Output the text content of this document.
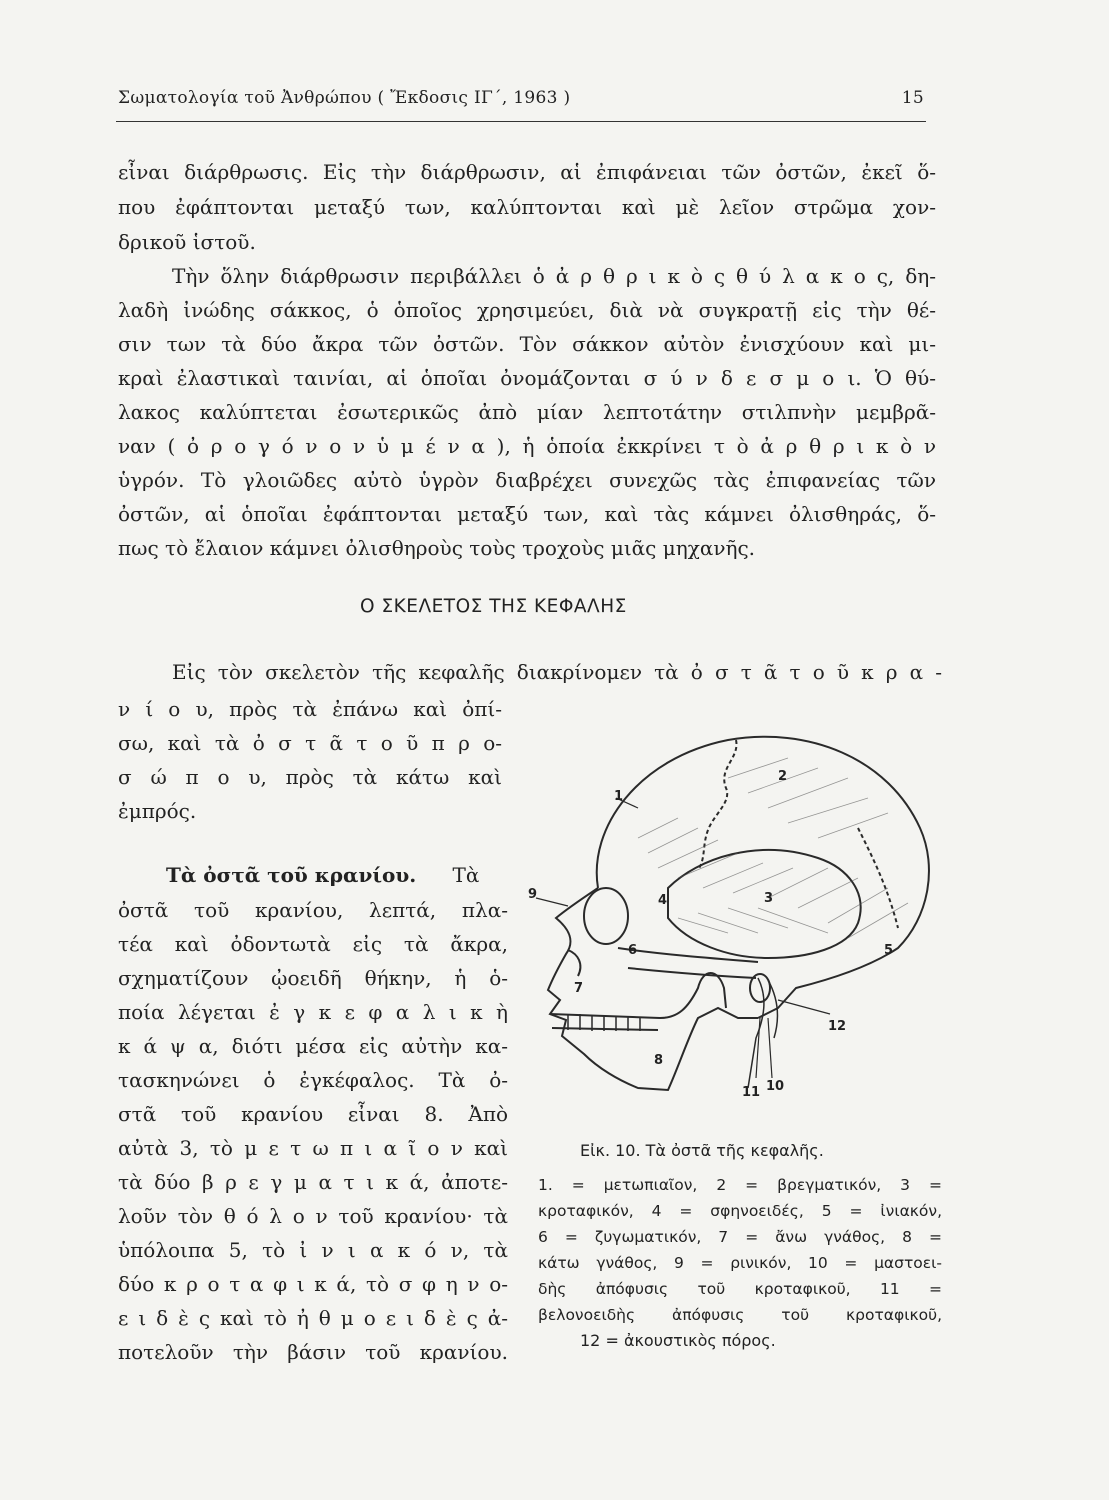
Σωματολογία τοῦ Ἀνθρώπου ( Ἔκδοσις ΙΓ΄, 1963 )	15
εἶναι διάρθρωσις. Εἰς τὴν διάρθρωσιν, αἱ ἐπιφάνειαι τῶν ὀστῶν, ἐκεῖ ὅ-
που ἐφάπτονται μεταξύ των, καλύπτονται καὶ μὲ λεῖον στρῶμα χον-
δρικοῦ ἱστοῦ.
Τὴν ὅλην διάρθρωσιν περιβάλλει ὁ ἀ ρ θ ρ ι κ ὸ ς θ ύ λ α κ ο ς, δη-
λαδὴ ἰνώδης σάκκος, ὁ ὁποῖος χρησιμεύει, διὰ νὰ συγκρατῇ εἰς τὴν θέ-
σιν των τὰ δύο ἄκρα τῶν ὀστῶν. Τὸν σάκκον αὐτὸν ἐνισχύουν καὶ μι-
κραὶ ἐλαστικαὶ ταινίαι, αἱ ὁποῖαι ὀνομάζονται σ ύ ν δ ε σ μ ο ι. Ὁ θύ-
λακος καλύπτεται ἐσωτερικῶς ἀπὸ μίαν λεπτοτάτην στιλπνὴν μεμβρᾶ-
ναν ( ὀ ρ ο γ ό ν ο ν ὑ μ έ ν α ), ἡ ὁποία ἐκκρίνει τ ὸ ἀ ρ θ ρ ι κ ὸ ν
ὑγρόν. Τὸ γλοιῶδες αὐτὸ ὑγρὸν διαβρέχει συνεχῶς τὰς ἐπιφανείας τῶν
ὀστῶν, αἱ ὁποῖαι ἐφάπτονται μεταξύ των, καὶ τὰς κάμνει ὀλισθηράς, ὅ-
πως τὸ ἔλαιον κάμνει ὀλισθηροὺς τοὺς τροχοὺς μιᾶς μηχανῆς.
Εἰς τὸν σκελετὸν τῆς κεφαλῆς διακρίνομεν τὰ ὀ σ τ ᾶ τ ο ῦ κ ρ α -
ν ί ο υ, πρὸς τὰ ἐπάνω καὶ ὀπί-
σω, καὶ τὰ ὀ σ τ ᾶ τ ο ῦ π ρ ο-
σ ώ π ο υ, πρὸς τὰ κάτω καὶ
ἐμπρός.
Τὰ ὀστᾶ τοῦ κρανίου. Τὰ
ὀστᾶ τοῦ κρανίου, λεπτά, πλα-
τέα καὶ ὀδοντωτὰ εἰς τὰ ἄκρα,
σχηματίζουν ᾠοειδῆ θήκην, ἡ ὁ-
ποία λέγεται ἐ γ κ ε φ α λ ι κ ὴ
κ ά ψ α, διότι μέσα εἰς αὐτὴν κα-
τασκηνώνει ὁ ἐγκέφαλος. Τὰ ὀ-
στᾶ τοῦ κρανίου εἶναι 8. Ἀπὸ
αὐτὰ 3, τὸ μ ε τ ω π ι α ῖ ο ν καὶ
τὰ δύο β ρ ε γ μ α τ ι κ ά, ἀποτε-
λοῦν τὸν θ ό λ ο ν τοῦ κρανίου· τὰ
ὑπόλοιπα 5, τὸ ἰ ν ι α κ ό ν, τὰ
δύο κ ρ ο τ α φ ι κ ά, τὸ σ φ η ν ο-
ε ι δ ὲ ς καὶ τὸ ἠ θ μ ο ε ι δ ὲ ς ἀ-
ποτελοῦν τὴν βάσιν τοῦ κρανίου.
Ο ΣΚΕΛΕΤΟΣ ΤΗΣ ΚΕΦΑΛΗΣ
1
2
3
4
5
6
7
8
9
10
11
12
Εἰκ. 10. Τὰ ὀστᾶ τῆς κεφαλῆς.
1. = μετωπιαῖον, 2 = βρεγματικόν, 3 =
κροταφικόν, 4 = σφηνοειδές, 5 = ἰνιακόν,
6 = ζυγωματικόν, 7 = ἄνω γνάθος, 8 =
κάτω γνάθος, 9 = ρινικόν, 10 = μαστοει-
δὴς ἀπόφυσις τοῦ κροταφικοῦ, 11 =
βελονοειδὴς ἀπόφυσις τοῦ κροταφικοῦ,
12 = ἀκουστικὸς πόρος.
